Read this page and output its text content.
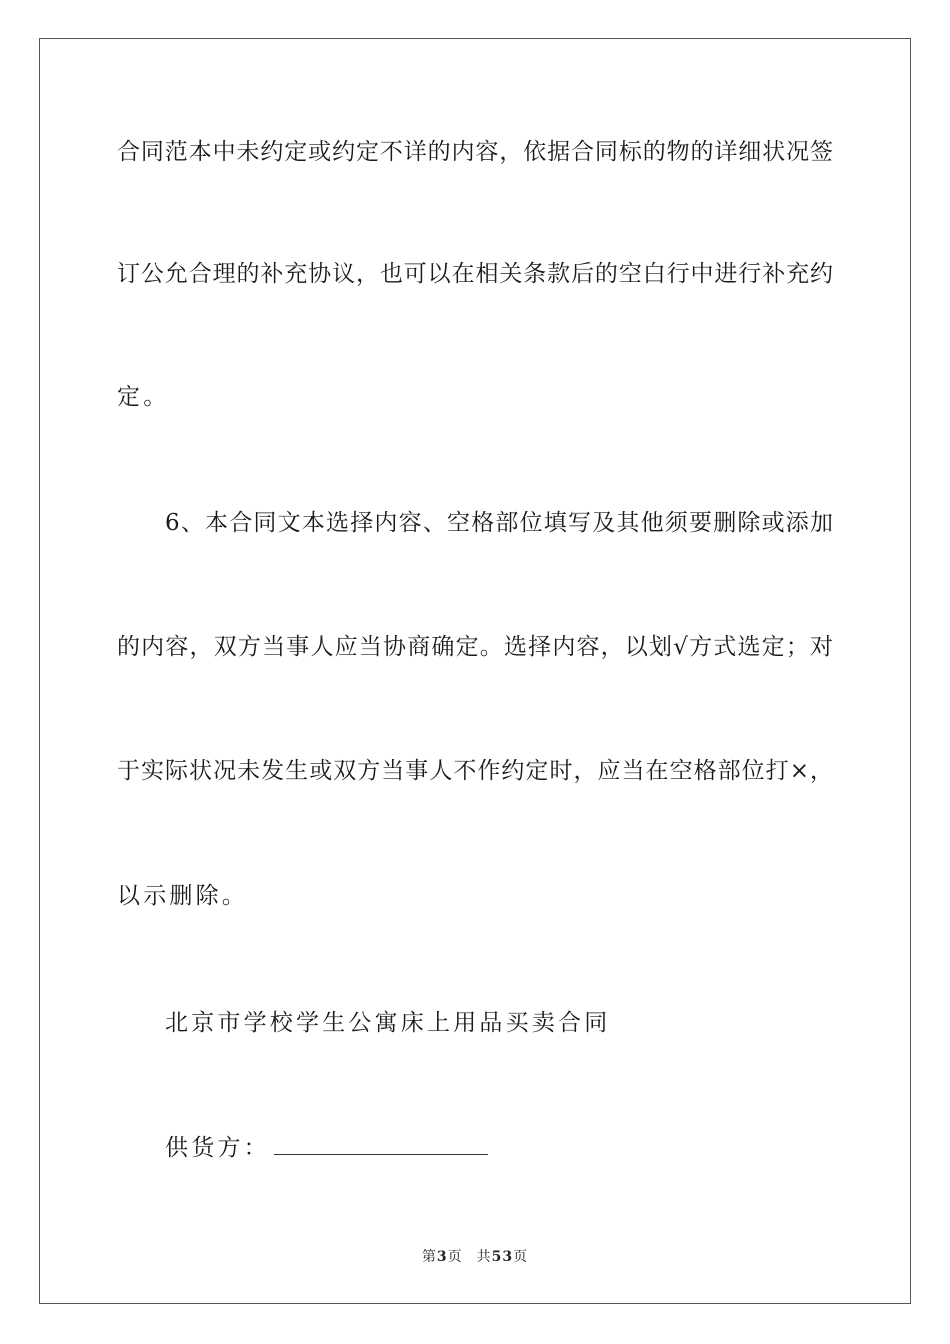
合同范本中未约定或约定不详的内容，依据合同标的物的详细状况签
订公允合理的补充协议，也可以在相关条款后的空白行中进行补充约
定。
6、本合同文本选择内容、空格部位填写及其他须要删除或添加
的内容，双方当事人应当协商确定。选择内容，以划√方式选定；对
于实际状况未发生或双方当事人不作约定时，应当在空格部位打×，
以示删除。
北京市学校学生公寓床上用品买卖合同
供货方：
第3页 共53页
